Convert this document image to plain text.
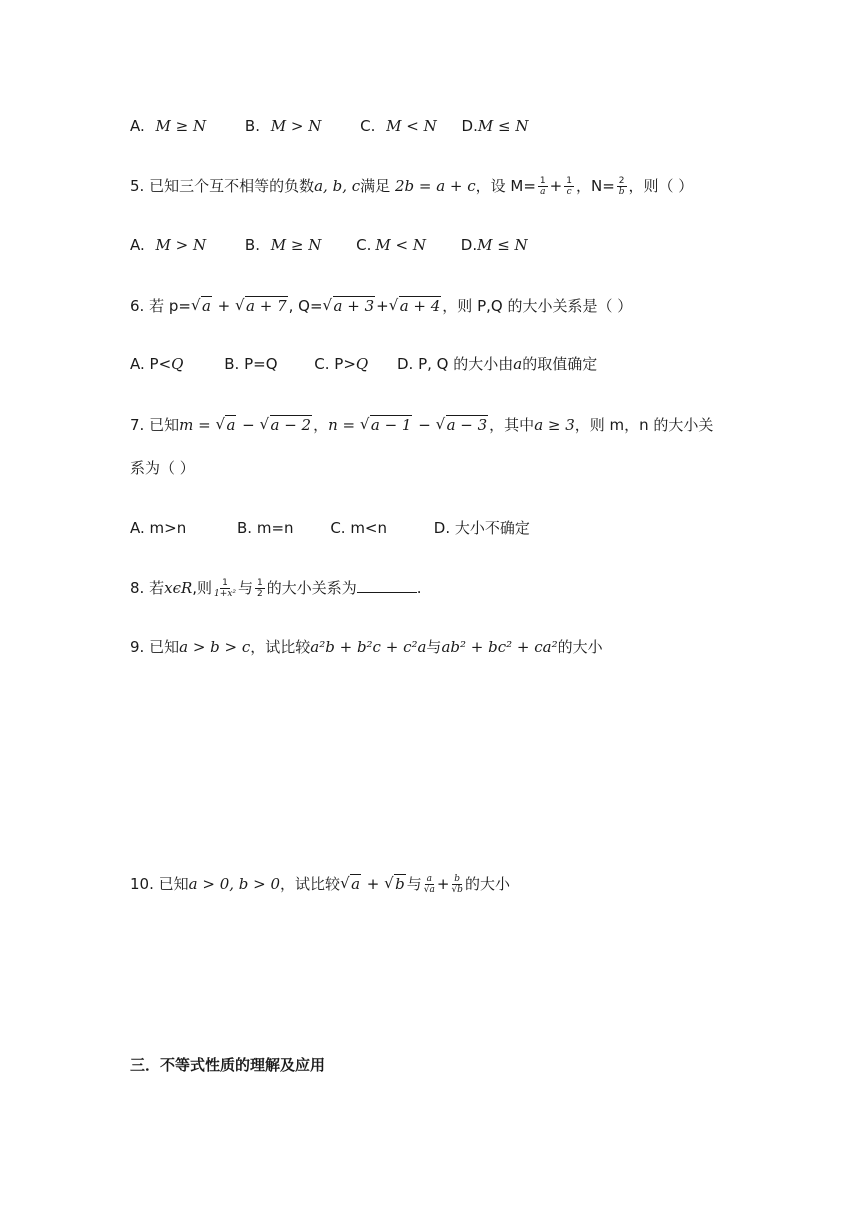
A. M ≥ N	B. M > N	C. M < N D.M ≤ N
5. 已知三个互不相等的负数a, b, c满足 2b = a + c，设 $M= \frac{1}{a} + \frac{1}{c}$ ，$N= \frac{2}{b}$ ，则（ ）
A. M > N	B. M ≥ N C. M < N D.M ≤ N
6. 若 p= √ a + √ a + 7 , Q= √ a + 3 + √ a + 4 ，则 P,Q 的大小关系是（ ）
A. P<Q	B. P=Q C. P>Q D. P, Q 的大小由a的取值确定
7. 已知m = √ a − √ a − 2 ，n = √ a − 1 − √ a − 3 ，其中a ≥ 3，则 m，n 的大小关
系为（ ）
A. m>n	B. m=n C. m<n	D. 大小不确定
8. 若xϵR,则 $\frac{1}{\text{1+x²}}$ 与 $\frac{1}{2}$ 的大小关系为	.
9. 已知a > b > c，试比较a²b + b²c + c²a与ab² + bc² + ca²的大小
10. 已知a > 0, b > 0，试比较 √ a + √ b 与 $\frac{a}{√a} + \frac{b}{√b}$ 的大小
三．不等式性质的理解及应用
